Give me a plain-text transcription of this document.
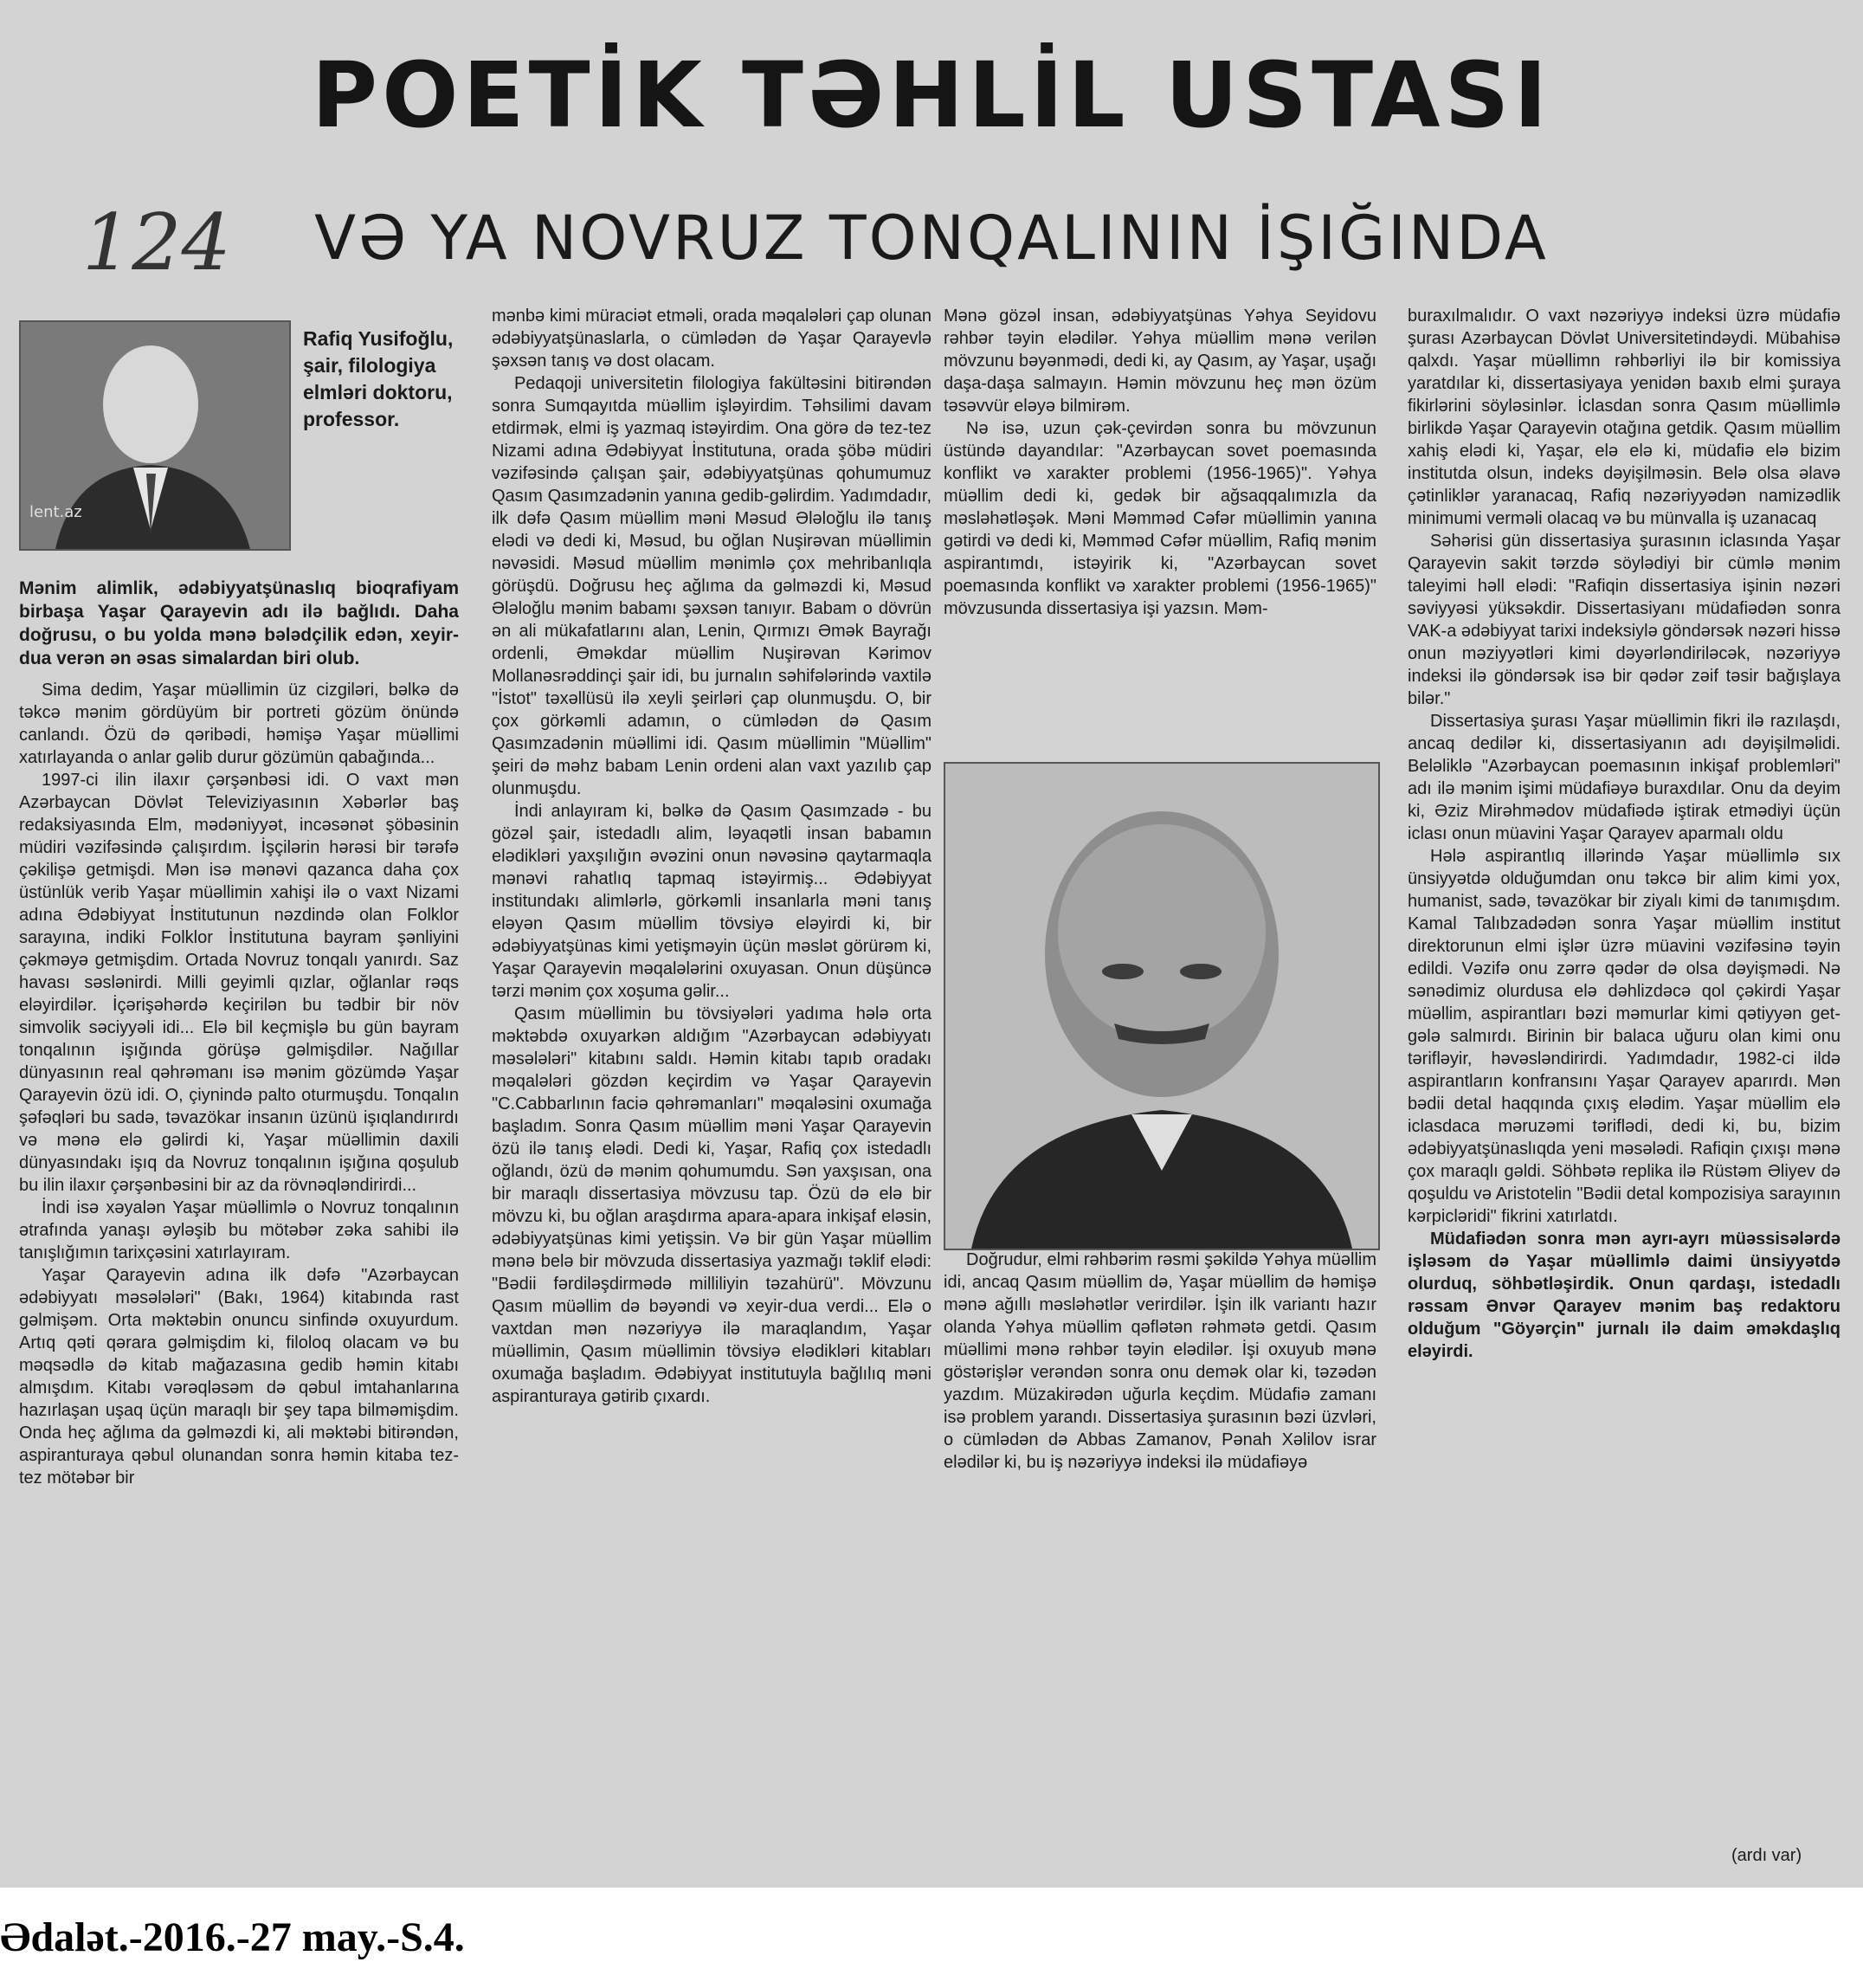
POETİK TƏHLİL USTASI
124	VƏ YA NOVRUZ TONQALININ İŞIĞINDA
lent.az
Rafiq Yusifoğlu, şair, filologiya elmləri doktoru, professor.

Mənim alimlik, ədəbiyyatşünaslıq bioqrafiyam birbaşa Yaşar Qarayevin adı ilə bağlıdı. Daha doğrusu, o bu yolda mənə bələdçilik edən, xeyir-dua verən ən əsas simalardan biri olub.

Sima dedim, Yaşar müəllimin üz cizgiləri, bəlkə də təkcə mənim gördüyüm bir portreti gözüm önündə canlandı. Özü də qəribədi, həmişə Yaşar müəllimi xatırlayanda o anlar gəlib durur gözümün qabağında...

1997-ci ilin ilaxır çərşənbəsi idi. O vaxt mən Azərbaycan Dövlət Televiziyasının Xəbərlər baş redaksiyasında Elm, mədəniyyət, incəsənət şöbəsinin müdiri vəzifəsində çalışırdım. İşçilərin hərəsi bir tərəfə çəkilişə getmişdi. Mən isə mənəvi qazanca daha çox üstünlük verib Yaşar müəllimin xahişi ilə o vaxt Nizami adına Ədəbiyyat İnstitutunun nəzdində olan Folklor sarayına, indiki Folklor İnstitutuna bayram şənliyini çəkməyə getmişdim. Ortada Novruz tonqalı yanırdı. Saz havası səslənirdi. Milli geyimli qızlar, oğlanlar rəqs eləyirdilər. İçərişəhərdə keçirilən bu tədbir bir növ simvolik səciyyəli idi... Elə bil keçmişlə bu gün bayram tonqalının işığında görüşə gəlmişdilər. Nağıllar dünyasının real qəhrəmanı isə mənim gözümdə Yaşar Qarayevin özü idi. O, çiynində palto oturmuşdu. Tonqalın şəfəqləri bu sadə, təvazökar insanın üzünü işıqlandırırdı və mənə elə gəlirdi ki, Yaşar müəllimin daxili dünyasındakı işıq da Novruz tonqalının işığına qoşulub bu ilin ilaxır çərşənbəsini bir az da rövnəqləndirirdi...

İndi isə xəyalən Yaşar müəllimlə o Novruz tonqalının ətrafında yanaşı əyləşib bu mötəbər zəka sahibi ilə tanışlığımın tarixçəsini xatırlayıram.

Yaşar Qarayevin adına ilk dəfə "Azərbaycan ədəbiyyatı məsələləri" (Bakı, 1964) kitabında rast gəlmişəm. Orta məktəbin onuncu sinfində oxuyurdum. Artıq qəti qərara gəlmişdim ki, filoloq olacam və bu məqsədlə də kitab mağazasına gedib həmin kitabı almışdım. Kitabı vərəqləsəm də qəbul imtahanlarına hazırlaşan uşaq üçün maraqlı bir şey tapa bilməmişdim. Onda heç ağlıma da gəlməzdi ki, ali məktəbi bitirəndən, aspiranturaya qəbul olunandan sonra həmin kitaba tez-tez mötəbər bir

mənbə kimi müraciət etməli, orada məqalələri çap olunan ədəbiyyatşünaslarla, o cümlədən də Yaşar Qarayevlə şəxsən tanış və dost olacam.

Pedaqoji universitetin filologiya fakültəsini bitirəndən sonra Sumqayıtda müəllim işləyirdim. Təhsilimi davam etdirmək, elmi iş yazmaq istəyirdim. Ona görə də tez-tez Nizami adına Ədəbiyyat İnstitutuna, orada şöbə müdiri vəzifəsində çalışan şair, ədəbiyyatşünas qohumumuz Qasım Qasımzadənin yanına gedib-gəlirdim. Yadımdadır, ilk dəfə Qasım müəllim məni Məsud Ələloğlu ilə tanış elədi və dedi ki, Məsud, bu oğlan Nuşirəvan müəllimin nəvəsidi. Məsud müəllim mənimlə çox mehribanlıqla görüşdü. Doğrusu heç ağlıma da gəlməzdi ki, Məsud Ələloğlu mənim babamı şəxsən tanıyır. Babam o dövrün ən ali mükafatlarını alan, Lenin, Qırmızı Əmək Bayrağı ordenli, Əməkdar müəllim Nuşirəvan Kərimov Mollanəsrəddinçi şair idi, bu jurnalın səhifələrində vaxtilə "İstot" təxəllüsü ilə xeyli şeirləri çap olunmuşdu. O, bir çox görkəmli adamın, o cümlədən də Qasım Qasımzadənin müəllimi idi. Qasım müəllimin "Müəllim" şeiri də məhz babam Lenin ordeni alan vaxt yazılıb çap olunmuşdu.

İndi anlayıram ki, bəlkə də Qasım Qasımzadə - bu gözəl şair, istedadlı alim, ləyaqətli insan babamın elədikləri yaxşılığın əvəzini onun nəvəsinə qaytarmaqla mənəvi rahatlıq tapmaq istəyirmiş... Ədəbiyyat institundakı alimlərlə, görkəmli insanlarla məni tanış eləyən Qasım müəllim tövsiyə eləyirdi ki, bir ədəbiyyatşünas kimi yetişməyin üçün məslət görürəm ki, Yaşar Qarayevin məqalələrini oxuyasan. Onun düşüncə tərzi mənim çox xoşuma gəlir...

Qasım müəllimin bu tövsiyələri yadıma hələ orta məktəbdə oxuyarkən aldığım "Azərbaycan ədəbiyyatı məsələləri" kitabını saldı. Həmin kitabı tapıb oradakı məqalələri gözdən keçirdim və Yaşar Qarayevin "C.Cabbarlının faciə qəhrəmanları" məqaləsini oxumağa başladım. Sonra Qasım müəllim məni Yaşar Qarayevin özü ilə tanış elədi. Dedi ki, Yaşar, Rafiq çox istedadlı oğlandı, özü də mənim qohumumdu. Sən yaxşısan, ona bir maraqlı dissertasiya mövzusu tap. Özü də elə bir mövzu ki, bu oğlan araşdırma apara-apara inkişaf eləsin, ədəbiyyatşünas kimi yetişsin. Və bir gün Yaşar müəllim mənə belə bir mövzuda dissertasiya yazmağı təklif elədi: "Bədii fərdiləşdirmədə milliliyin təzahürü". Mövzunu Qasım müəllim də bəyəndi və xeyir-dua verdi... Elə o vaxtdan mən nəzəriyyə ilə maraqlandım, Yaşar müəllimin, Qasım müəllimin tövsiyə elədikləri kitabları oxumağa başladım. Ədəbiyyat institutuyla bağlılıq məni aspiranturaya gətirib çıxardı.

Mənə gözəl insan, ədəbiyyatşünas Yəhya Seyidovu rəhbər təyin elədilər. Yəhya müəllim mənə verilən mövzunu bəyənmədi, dedi ki, ay Qasım, ay Yaşar, uşağı daşa-daşa salmayın. Həmin mövzunu heç mən özüm təsəvvür eləyə bilmirəm.

Nə isə, uzun çək-çevirdən sonra bu mövzunun üstündə dayandılar: "Azərbaycan sovet poemasında konflikt və xarakter problemi (1956-1965)". Yəhya müəllim dedi ki, gedək bir ağsaqqalımızla da məsləhətləşək. Məni Məmməd Cəfər müəllimin yanına gətirdi və dedi ki, Məmməd Cəfər müəllim, Rafiq mənim aspirantımdı, istəyirik ki, "Azərbaycan sovet poemasında konflikt və xarakter problemi (1956-1965)" mövzusunda dissertasiya işi yazsın. Məm-

Doğrudur, elmi rəhbərim rəsmi şəkildə Yəhya müəllim idi, ancaq Qasım müəllim də, Yaşar müəllim də həmişə mənə ağıllı məsləhətlər verirdilər. İşin ilk variantı hazır olanda Yəhya müəllim qəflətən rəhmətə getdi. Qasım müəllimi mənə rəhbər təyin elədilər. İşi oxuyub mənə göstərişlər verəndən sonra onu demək olar ki, təzədən yazdım. Müzakirədən uğurla keçdim. Müdafiə zamanı isə problem yarandı. Dissertasiya şurasının bəzi üzvləri, o cümlədən də Abbas Zamanov, Pənah Xəlilov israr elədilər ki, bu iş nəzəriyyə indeksi ilə müdafiəyə

buraxılmalıdır. O vaxt nəzəriyyə indeksi üzrə müdafiə şurası Azərbaycan Dövlət Universitetindəydi. Mübahisə qalxdı. Yaşar müəllimn rəhbərliyi ilə bir komissiya yaratdılar ki, dissertasiyaya yenidən baxıb elmi şuraya fikirlərini söyləsinlər. İclasdan sonra Qasım müəllimlə birlikdə Yaşar Qarayevin otağına getdik. Qasım müəllim xahiş elədi ki, Yaşar, elə elə ki, müdafiə elə bizim institutda olsun, indeks dəyişilməsin. Belə olsa əlavə çətinliklər yaranacaq, Rafiq nəzəriyyədən namizədlik minimumi verməli olacaq və bu münvalla iş uzanacaq

Səhərisi gün dissertasiya şurasının iclasında Yaşar Qarayevin sakit tərzdə söylədiyi bir cümlə mənim taleyimi həll elədi: "Rafiqin dissertasiya işinin nəzəri səviyyəsi yüksəkdir. Dissertasiyanı müdafiədən sonra VAK-a ədəbiyyat tarixi indeksiylə göndərsək nəzəri hissə onun məziyyətləri kimi dəyərləndiriləcək, nəzəriyyə indeksi ilə göndərsək isə bir qədər zəif təsir bağışlaya bilər."

Dissertasiya şurası Yaşar müəllimin fikri ilə razılaşdı, ancaq dedilər ki, dissertasiyanın adı dəyişilməlidi. Beləliklə "Azərbaycan poemasının inkişaf problemləri" adı ilə mənim işimi müdafiəyə buraxdılar. Onu da deyim ki, Əziz Mirəhmədov müdafiədə iştirak etmədiyi üçün iclası onun müavini Yaşar Qarayev aparmalı oldu

Hələ aspirantlıq illərində Yaşar müəllimlə sıx ünsiyyətdə olduğumdan onu təkcə bir alim kimi yox, humanist, sadə, təvazökar bir ziyalı kimi də tanımışdım. Kamal Talıbzadədən sonra Yaşar müəllim institut direktorunun elmi işlər üzrə müavini vəzifəsinə təyin edildi. Vəzifə onu zərrə qədər də olsa dəyişmədi. Nə sənədimiz olurdusa elə dəhlizdəcə qol çəkirdi Yaşar müəllim, aspirantları bəzi məmurlar kimi qətiyyən get-gələ salmırdı. Birinin bir balaca uğuru olan kimi onu tərifləyir, həvəsləndirirdi. Yadımdadır, 1982-ci ildə aspirantların konfransını Yaşar Qarayev aparırdı. Mən bədii detal haqqında çıxış elədim. Yaşar müəllim elə iclasdaca məruzəmi təriflədi, dedi ki, bu, bizim ədəbiyyatşünaslıqda yeni məsələdi. Rafiqin çıxışı mənə çox maraqlı gəldi. Söhbətə replika ilə Rüstəm Əliyev də qoşuldu və Aristotelin "Bədii detal kompozisiya sarayının kərpicləridi" fikrini xatırlatdı.

Müdafiədən sonra mən ayrı-ayrı müəssisələrdə işləsəm də Yaşar müəllimlə daimi ünsiyyətdə olurduq, söhbətləşirdik. Onun qardaşı, istedadlı rəssam Ənvər Qarayev mənim baş redaktoru olduğum "Göyərçin" jurnalı ilə daim əməkdaşlıq eləyirdi.

(ardı var)
Ədalət.-2016.-27 may.-S.4.
